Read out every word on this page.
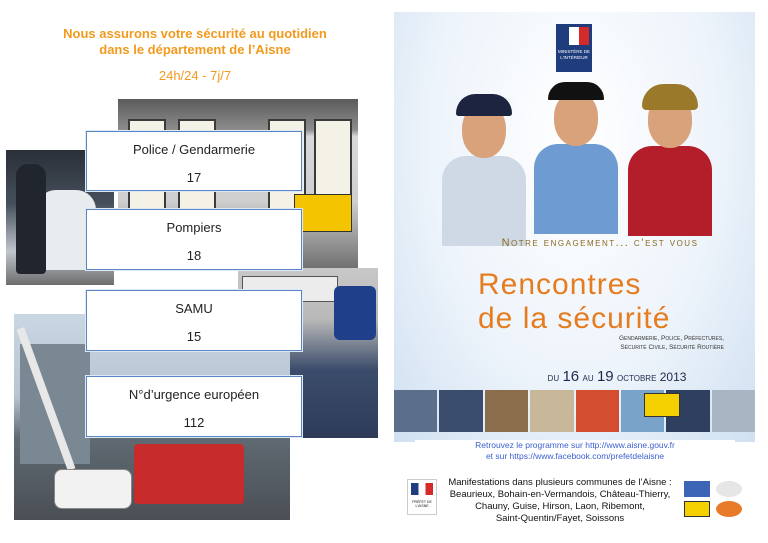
Nous assurons votre sécurité au quotidien
dans le département de l’Aisne
24h/24 - 7j/7
Police / Gendarmerie
17
Pompiers
18
SAMU
15
N°d’urgence européen
112
MINISTÈRE DE L'INTÉRIEUR
Notre engagement... c’est vous
Rencontres
de la sécurité
Gendarmerie, Police, Préfectures,
Sécurité Civile, Sécurité Routière
du 16 au 19 octobre 2013
Retrouvez le programme sur http://www.aisne.gouv.fr
et sur https://www.facebook.com/prefetdelaisne
PRÉFET DE L'AISNE
Manifestations dans plusieurs communes de l’Aisne :
Beaurieux, Bohain-en-Vermandois, Château-Thierry,
Chauny, Guise, Hirson, Laon, Ribemont,
Saint-Quentin/Fayet, Soissons
